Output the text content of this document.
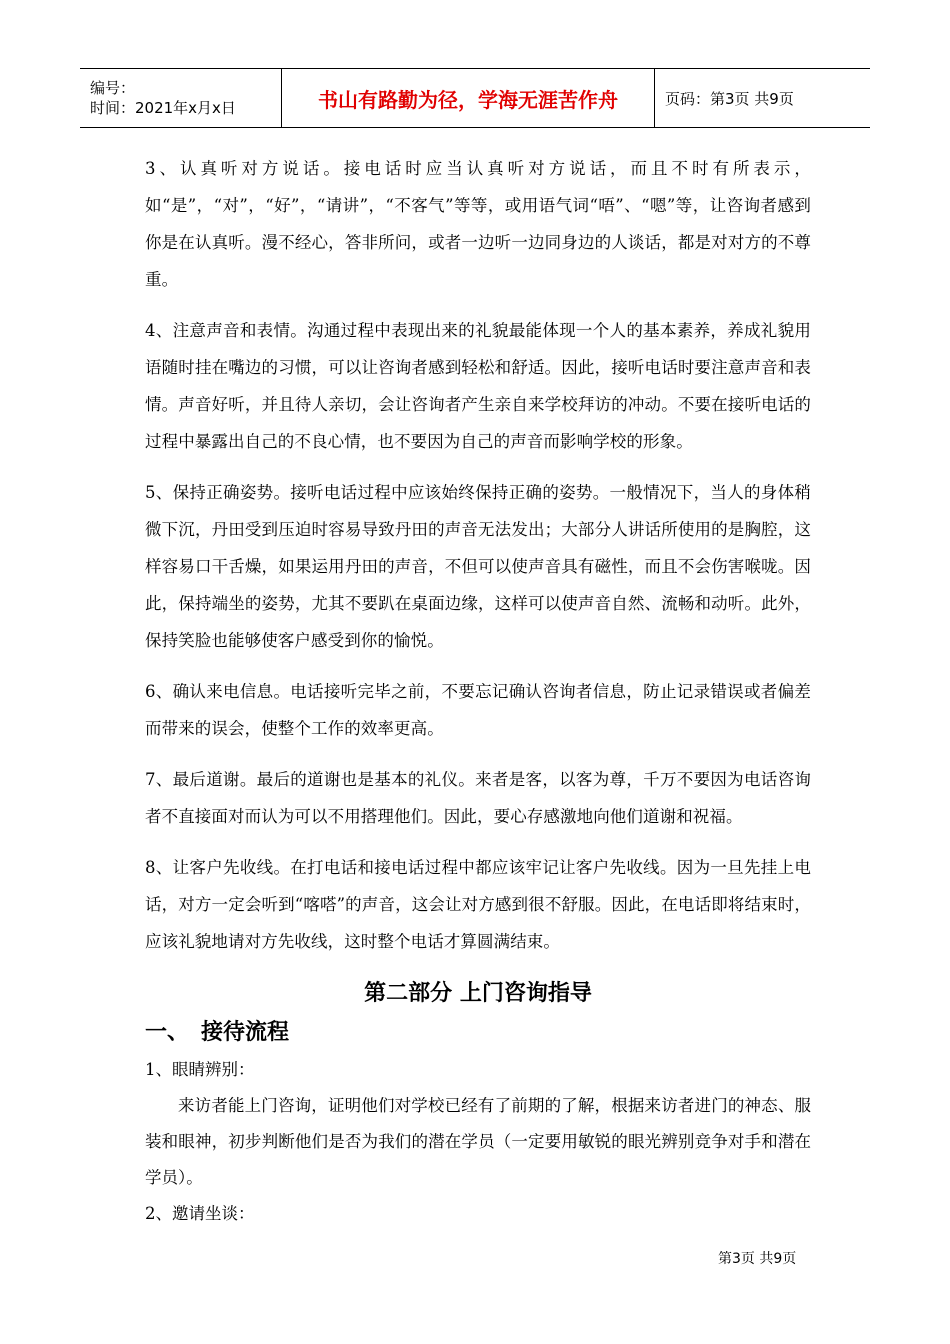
编号：
时间：2021年x月x日	书山有路勤为径，学海无涯苦作舟	页码：第3页 共9页

3、认真听对方说话。接电话时应当认真听对方说话，而且不时有所表示，如“是”，“对”，“好”，“请讲”，“不客气”等等，或用语气词“唔”、“嗯”等，让咨询者感到你是在认真听。漫不经心，答非所问，或者一边听一边同身边的人谈话，都是对对方的不尊重。

4、注意声音和表情。沟通过程中表现出来的礼貌最能体现一个人的基本素养，养成礼貌用语随时挂在嘴边的习惯，可以让咨询者感到轻松和舒适。因此，接听电话时要注意声音和表情。声音好听，并且待人亲切，会让咨询者产生亲自来学校拜访的冲动。不要在接听电话的过程中暴露出自己的不良心情，也不要因为自己的声音而影响学校的形象。

5、保持正确姿势。接听电话过程中应该始终保持正确的姿势。一般情况下，当人的身体稍微下沉，丹田受到压迫时容易导致丹田的声音无法发出；大部分人讲话所使用的是胸腔，这样容易口干舌燥，如果运用丹田的声音，不但可以使声音具有磁性，而且不会伤害喉咙。因此，保持端坐的姿势，尤其不要趴在桌面边缘，这样可以使声音自然、流畅和动听。此外，保持笑脸也能够使客户感受到你的愉悦。

6、确认来电信息。电话接听完毕之前，不要忘记确认咨询者信息，防止记录错误或者偏差而带来的误会，使整个工作的效率更高。

7、最后道谢。最后的道谢也是基本的礼仪。来者是客，以客为尊，千万不要因为电话咨询者不直接面对而认为可以不用搭理他们。因此，要心存感激地向他们道谢和祝福。

8、让客户先收线。在打电话和接电话过程中都应该牢记让客户先收线。因为一旦先挂上电话，对方一定会听到“喀嗒”的声音，这会让对方感到很不舒服。因此，在电话即将结束时，应该礼貌地请对方先收线，这时整个电话才算圆满结束。

第二部分 上门咨询指导
一、 接待流程

1、眼睛辨别：

来访者能上门咨询，证明他们对学校已经有了前期的了解，根据来访者进门的神态、服装和眼神，初步判断他们是否为我们的潜在学员（一定要用敏锐的眼光辨别竞争对手和潜在学员）。

2、邀请坐谈：

第3页 共9页
